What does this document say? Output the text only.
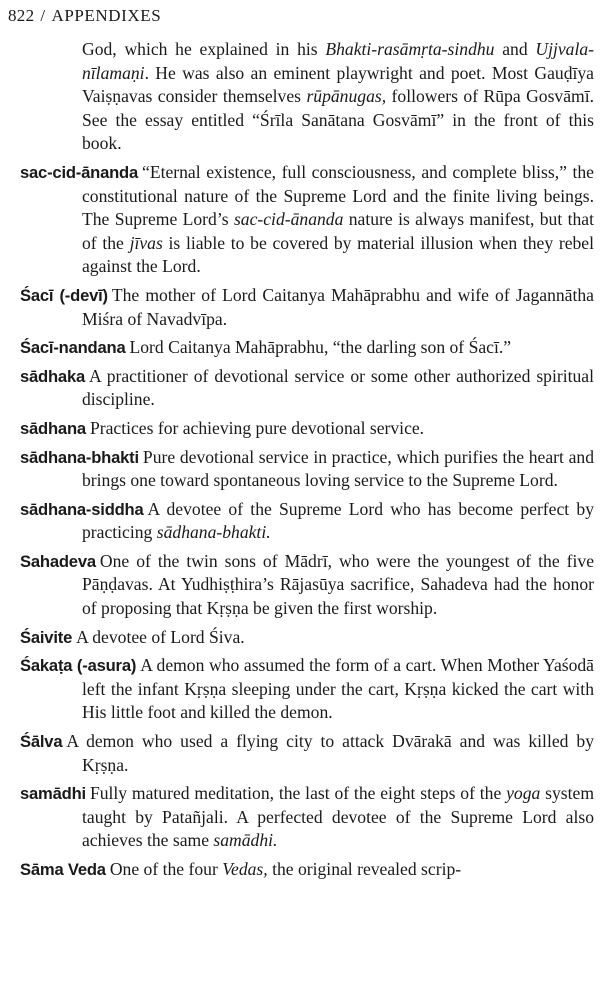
822 / APPENDIXES

God, which he explained in his Bhakti-rasāmṛta-sindhu and Ujjvala-nīlamaṇi. He was also an eminent playwright and poet. Most Gauḍīya Vaiṣṇavas consider themselves rūpānugas, followers of Rūpa Gosvāmī. See the essay entitled “Śrīla Sanātana Gosvāmī” in the front of this book.

sac-cid-ānanda “Eternal existence, full consciousness, and complete bliss,” the constitutional nature of the Supreme Lord and the finite living beings. The Supreme Lord’s sac-cid-ānanda nature is always manifest, but that of the jīvas is liable to be covered by material illusion when they rebel against the Lord.

Śacī (-devī) The mother of Lord Caitanya Mahāprabhu and wife of Jagannātha Miśra of Navadvīpa.

Śacī-nandana Lord Caitanya Mahāprabhu, “the darling son of Śacī.”

sādhaka A practitioner of devotional service or some other authorized spiritual discipline.

sādhana Practices for achieving pure devotional service.

sādhana-bhakti Pure devotional service in practice, which purifies the heart and brings one toward spontaneous loving service to the Supreme Lord.

sādhana-siddha A devotee of the Supreme Lord who has become perfect by practicing sādhana-bhakti.

Sahadeva One of the twin sons of Mādrī, who were the youngest of the five Pāṇḍavas. At Yudhiṣṭhira’s Rājasūya sacrifice, Sahadeva had the honor of proposing that Kṛṣṇa be given the first worship.

Śaivite A devotee of Lord Śiva.

Śakaṭa (-asura) A demon who assumed the form of a cart. When Mother Yaśodā left the infant Kṛṣṇa sleeping under the cart, Kṛṣṇa kicked the cart with His little foot and killed the demon.

Śālva A demon who used a flying city to attack Dvārakā and was killed by Kṛṣṇa.

samādhi Fully matured meditation, the last of the eight steps of the yoga system taught by Patañjali. A perfected devotee of the Supreme Lord also achieves the same samādhi.

Sāma Veda One of the four Vedas, the original revealed scrip-
